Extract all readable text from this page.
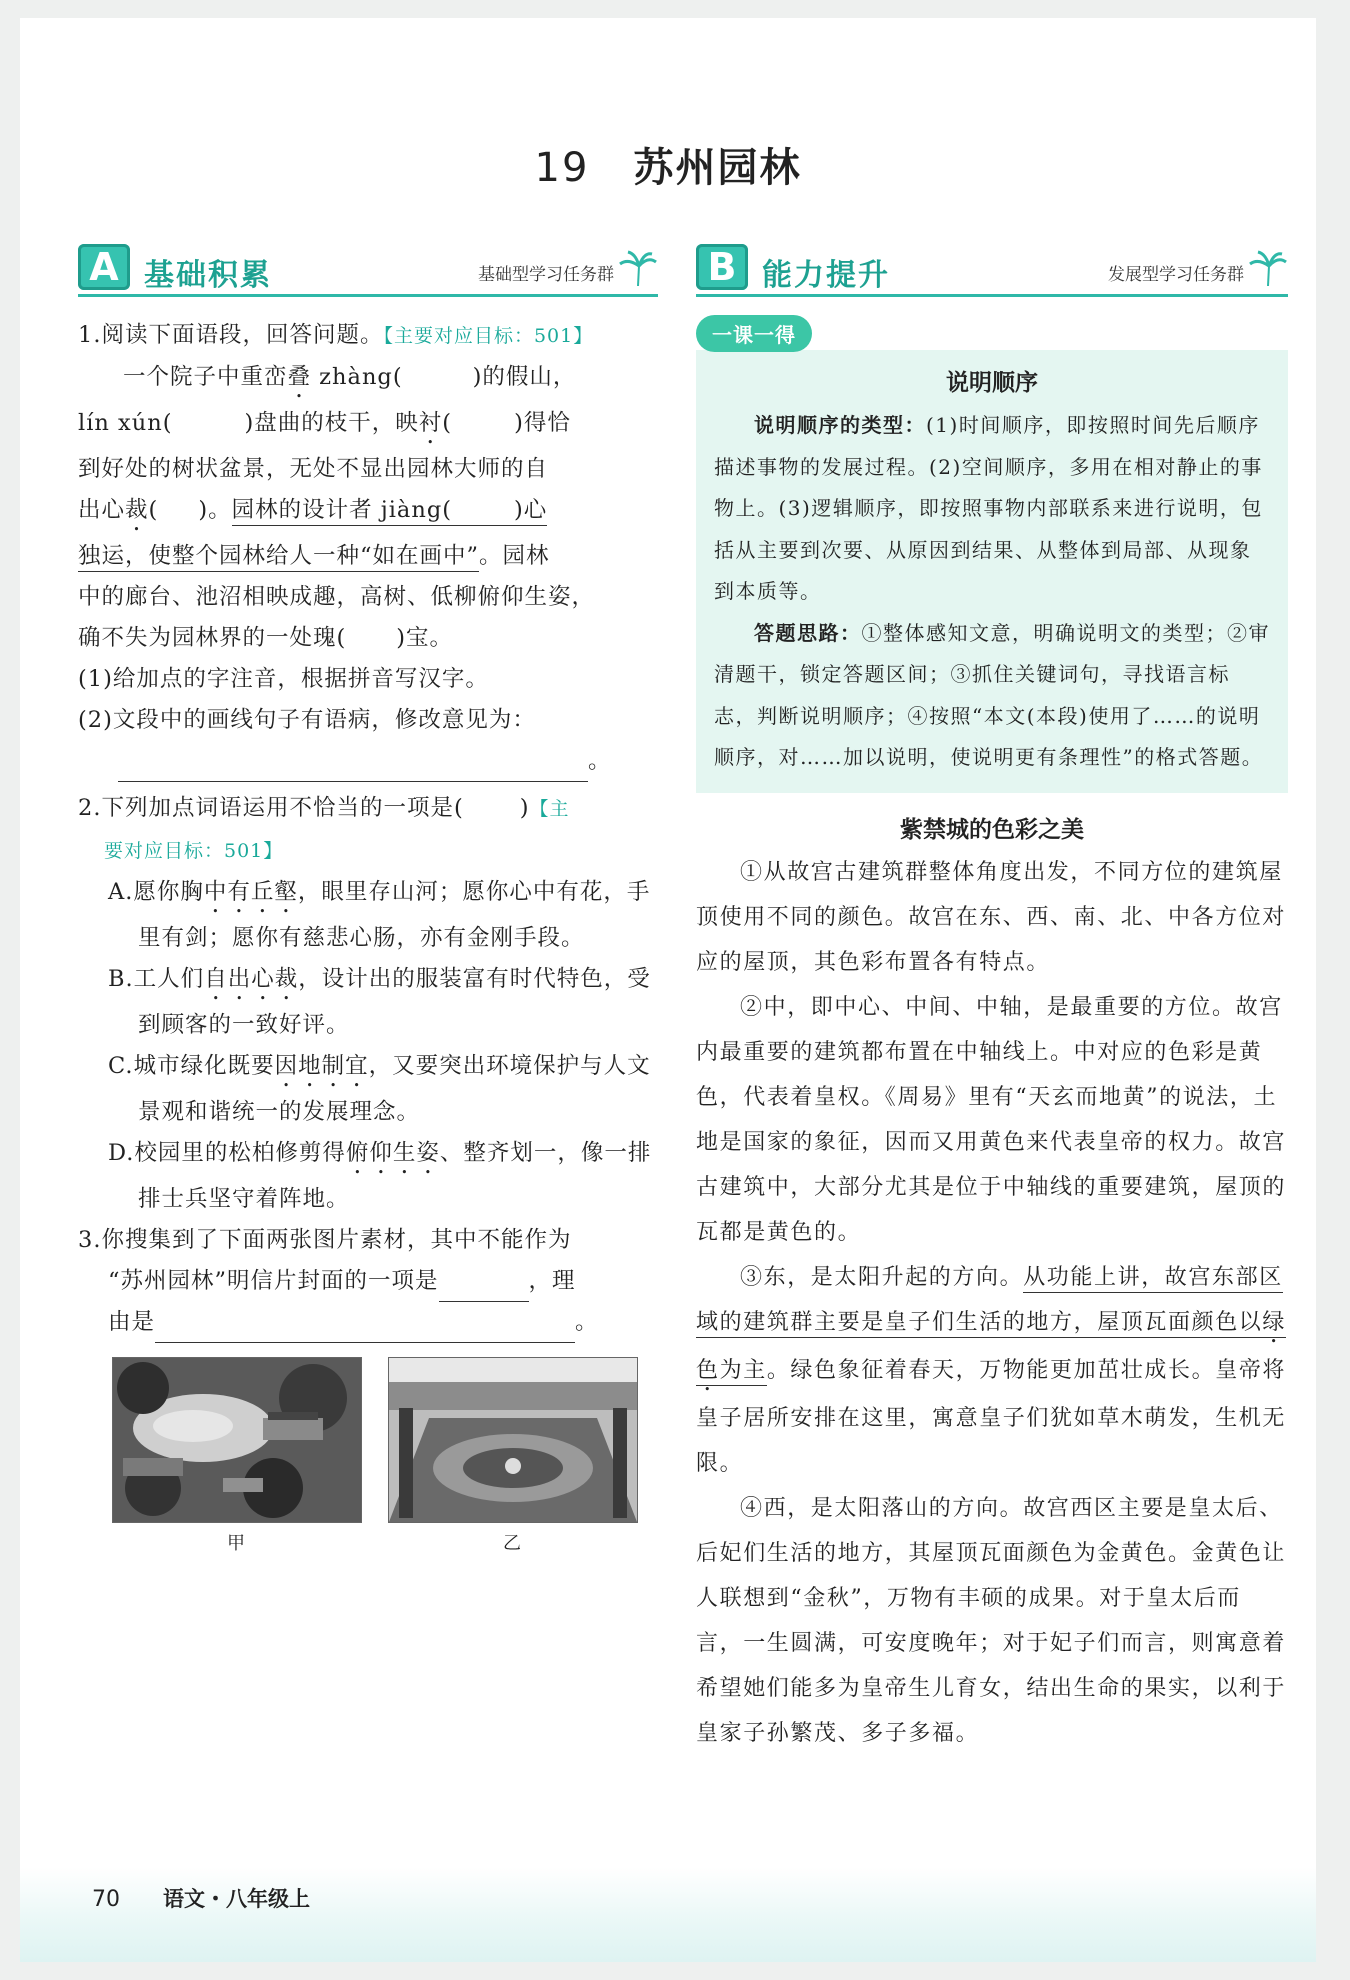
19 苏州园林
A 基础积累	基础型学习任务群

1.阅读下面语段，回答问题。【主要对应目标：501】

一个院子中重峦叠 zhàng(	)的假山，

lín xún(	)盘曲的枝干，映衬(	)得恰

到好处的树状盆景，无处不显出园林大师的自

出心裁( )。园林的设计者 jiàng(	)心

独运，使整个园林给人一种“如在画中”。园林

中的廊台、池沼相映成趣，高树、低柳俯仰生姿，

确不失为园林界的一处瑰( )宝。

(1)给加点的字注音，根据拼音写汉字。

(2)文段中的画线句子有语病，修改意见为：

。

2.下列加点词语运用不恰当的一项是( )【主

要对应目标：501】

A.愿你胸中有丘壑，眼里存山河；愿你心中有花，手里有剑；愿你有慈悲心肠，亦有金刚手段。

B.工人们自出心裁，设计出的服装富有时代特色，受到顾客的一致好评。

C.城市绿化既要因地制宜，又要突出环境保护与人文景观和谐统一的发展理念。

D.校园里的松柏修剪得俯仰生姿、整齐划一，像一排排士兵坚守着阵地。

3.你搜集到了下面两张图片素材，其中不能作为

“苏州园林”明信片封面的一项是	，理

由是	。

甲	乙
B 能力提升	发展型学习任务群
一课一得
说明顺序

说明顺序的类型：(1)时间顺序，即按照时间先后顺序描述事物的发展过程。(2)空间顺序，多用在相对静止的事物上。(3)逻辑顺序，即按照事物内部联系来进行说明，包括从主要到次要、从原因到结果、从整体到局部、从现象到本质等。

答题思路：①整体感知文意，明确说明文的类型；②审清题干，锁定答题区间；③抓住关键词句，寻找语言标志，判断说明顺序；④按照“本文(本段)使用了……的说明顺序，对……加以说明，使说明更有条理性”的格式答题。

紫禁城的色彩之美

①从故宫古建筑群整体角度出发，不同方位的建筑屋顶使用不同的颜色。故宫在东、西、南、北、中各方位对应的屋顶，其色彩布置各有特点。

②中，即中心、中间、中轴，是最重要的方位。故宫内最重要的建筑都布置在中轴线上。中对应的色彩是黄色，代表着皇权。《周易》里有“天玄而地黄”的说法，土地是国家的象征，因而又用黄色来代表皇帝的权力。故宫古建筑中，大部分尤其是位于中轴线的重要建筑，屋顶的瓦都是黄色的。

③东，是太阳升起的方向。从功能上讲，故宫东部区域的建筑群主要是皇子们生活的地方，屋顶瓦面颜色以绿色为主。绿色象征着春天，万物能更加茁壮成长。皇帝将皇子居所安排在这里，寓意皇子们犹如草木萌发，生机无限。

④西，是太阳落山的方向。故宫西区主要是皇太后、后妃们生活的地方，其屋顶瓦面颜色为金黄色。金黄色让人联想到“金秋”，万物有丰硕的成果。对于皇太后而言，一生圆满，可安度晚年；对于妃子们而言，则寓意着希望她们能多为皇帝生儿育女，结出生命的果实，以利于皇家子孙繁茂、多子多福。

70 语文・八年级上
